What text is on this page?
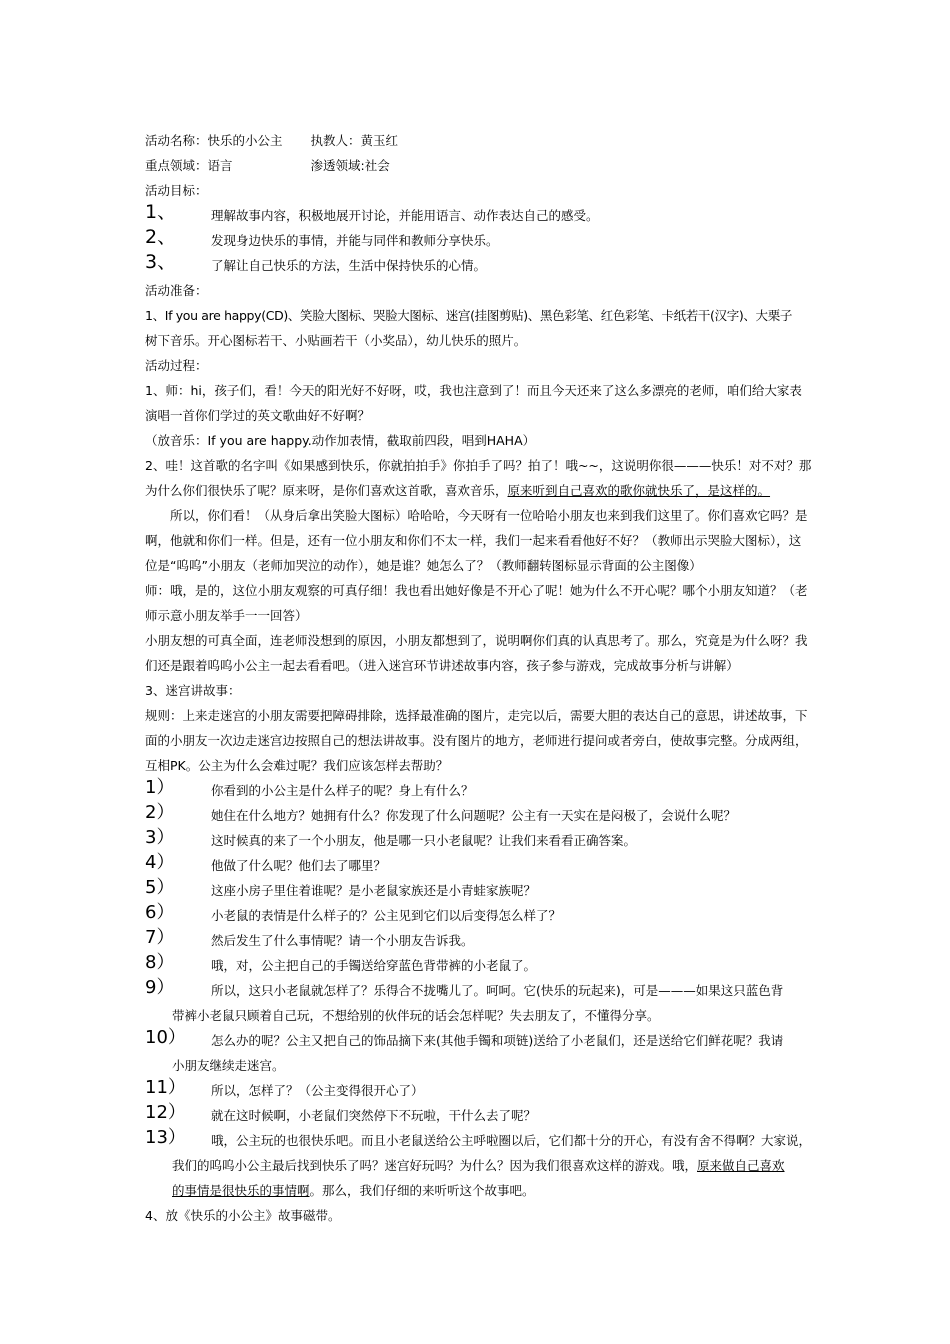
活动名称：快乐的小公主 执教人：黄玉红
重点领域：语言	渗透领域:社会
活动目标：
1、	理解故事内容，积极地展开讨论，并能用语言、动作表达自己的感受。
2、	发现身边快乐的事情，并能与同伴和教师分享快乐。
3、	了解让自己快乐的方法，生活中保持快乐的心情。
活动准备：
1、If you are happy(CD)、笑脸大图标、哭脸大图标、迷宫(挂图剪贴)、黑色彩笔、红色彩笔、卡纸若干(汉字)、大栗子
树下音乐。开心图标若干、小贴画若干（小奖品），幼儿快乐的照片。
活动过程：
1、师：hi，孩子们，看！今天的阳光好不好呀，哎，我也注意到了！而且今天还来了这么多漂亮的老师，咱们给大家表演唱一首你们学过的英文歌曲好不好啊？
（放音乐：If you are happy.动作加表情，截取前四段，唱到HAHA）
2、哇！这首歌的名字叫《如果感到快乐，你就拍拍手》你拍手了吗？拍了！哦~~，这说明你很———快乐！对不对？那为什么你们很快乐了呢？原来呀，是你们喜欢这首歌，喜欢音乐，原来听到自己喜欢的歌你就快乐了，是这样的。
所以，你们看！（从身后拿出笑脸大图标）哈哈哈，今天呀有一位哈哈小朋友也来到我们这里了。你们喜欢它吗？是啊，他就和你们一样。但是，还有一位小朋友和你们不太一样，我们一起来看看他好不好？（教师出示哭脸大图标），这位是“呜呜”小朋友（老师加哭泣的动作），她是谁？她怎么了？（教师翻转图标显示背面的公主图像）
师：哦，是的，这位小朋友观察的可真仔细！我也看出她好像是不开心了呢！她为什么不开心呢？哪个小朋友知道？（老师示意小朋友举手一一回答）
小朋友想的可真全面，连老师没想到的原因，小朋友都想到了，说明啊你们真的认真思考了。那么，究竟是为什么呀？我们还是跟着呜呜小公主一起去看看吧。（进入迷宫环节讲述故事内容，孩子参与游戏，完成故事分析与讲解）
3、迷宫讲故事：
规则：上来走迷宫的小朋友需要把障碍排除，选择最准确的图片，走完以后，需要大胆的表达自己的意思，讲述故事，下面的小朋友一次边走迷宫边按照自己的想法讲故事。没有图片的地方，老师进行提问或者旁白，使故事完整。分成两组，互相PK。公主为什么会难过呢？我们应该怎样去帮助？
1）	你看到的小公主是什么样子的呢？身上有什么？
2）	她住在什么地方？她拥有什么？你发现了什么问题呢？公主有一天实在是闷极了，会说什么呢？
3）	这时候真的来了一个小朋友，他是哪一只小老鼠呢？让我们来看看正确答案。
4）	他做了什么呢？他们去了哪里？
5）	这座小房子里住着谁呢？是小老鼠家族还是小青蛙家族呢？
6）	小老鼠的表情是什么样子的？公主见到它们以后变得怎么样了？
7）	然后发生了什么事情呢？请一个小朋友告诉我。
8）	哦，对，公主把自己的手镯送给穿蓝色背带裤的小老鼠了。
9）	所以，这只小老鼠就怎样了？乐得合不拢嘴儿了。呵呵。它(快乐的玩起来)，可是———如果这只蓝色背
带裤小老鼠只顾着自己玩，不想给别的伙伴玩的话会怎样呢？失去朋友了，不懂得分享。
10） 怎么办的呢？公主又把自己的饰品摘下来(其他手镯和项链)送给了小老鼠们，还是送给它们鲜花呢？我请
小朋友继续走迷宫。
11） 所以，怎样了？（公主变得很开心了）
12） 就在这时候啊，小老鼠们突然停下不玩啦，干什么去了呢？
13） 哦，公主玩的也很快乐吧。而且小老鼠送给公主呼啦圈以后，它们都十分的开心，有没有舍不得啊？大家说，
我们的呜呜小公主最后找到快乐了吗？迷宫好玩吗？为什么？因为我们很喜欢这样的游戏。哦，原来做自己喜欢
的事情是很快乐的事情啊。那么，我们仔细的来听听这个故事吧。
4、放《快乐的小公主》故事磁带。
